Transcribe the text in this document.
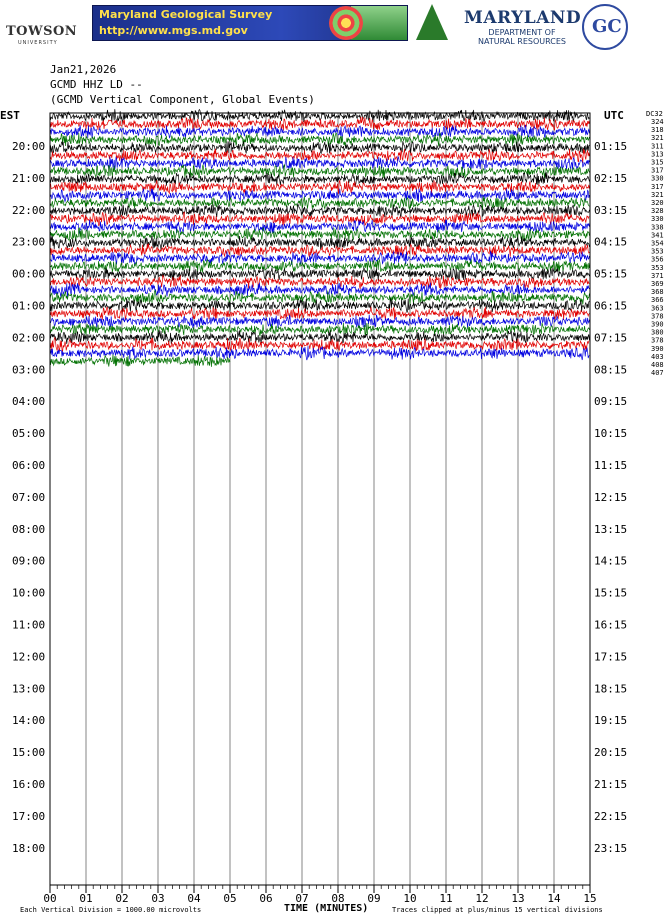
TOWSON
UNIVERSITY
Maryland Geological Survey
http://www.mgs.md.gov
MARYLAND
DEPARTMENT OF NATURAL RESOURCES
GC
Jan21,2026
GCMD HHZ LD --
(GCMD Vertical Component, Global Events)
EST	UTC	DC32
00 01 02 03 04 05 06 07 08 09 10 11 12 13 14 15
20:00
21:00
22:00
23:00
00:00
01:00
02:00
03:00
04:00
05:00
06:00
07:00
08:00
09:00
10:00
11:00
12:00
13:00
14:00
15:00
16:00
17:00
18:00
01:15
02:15
03:15
04:15
05:15
06:15
07:15
08:15
09:15
10:15
11:15
12:15
13:15
14:15
15:15
16:15
17:15
18:15
19:15
20:15
21:15
22:15
23:15
324
318
321
311
313
315
317
330
317
321
320
328
330
338
341
354
353
356
353
371
369
368
366
363
378
390
380
378
390
403
408
407
Each Vertical Division = 1000.00 microvolts	TIME (MINUTES)	Traces clipped at plus/minus 15 vertical divisions
